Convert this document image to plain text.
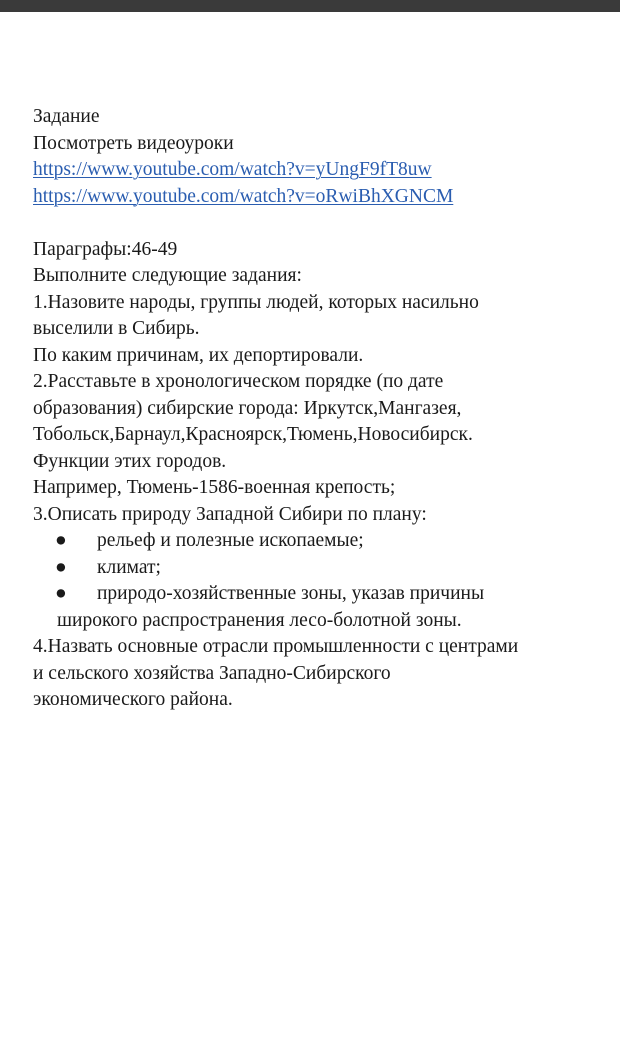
Задание
Посмотреть видеоуроки
https://www.youtube.com/watch?v=yUngF9fT8uw
https://www.youtube.com/watch?v=oRwiBhXGNCM
Параграфы:46-49
Выполните следующие задания:
1.Назовите народы, группы людей, которых насильно
выселили в Сибирь.
По каким причинам, их депортировали.
2.Расставьте в хронологическом порядке (по дате
образования) сибирские города: Иркутск,Мангазея,
Тобольск,Барнаул,Красноярск,Тюмень,Новосибирск.
Функции этих городов.
Например, Тюмень-1586-военная крепость;
3.Описать природу Западной Сибири по плану:
● рельеф и полезные ископаемые;
● климат;
● природо-хозяйственные зоны, указав причины
широкого распространения лесо-болотной зоны.
4.Назвать основные отрасли промышленности с центрами
и сельского хозяйства Западно-Сибирского
экономического района.
